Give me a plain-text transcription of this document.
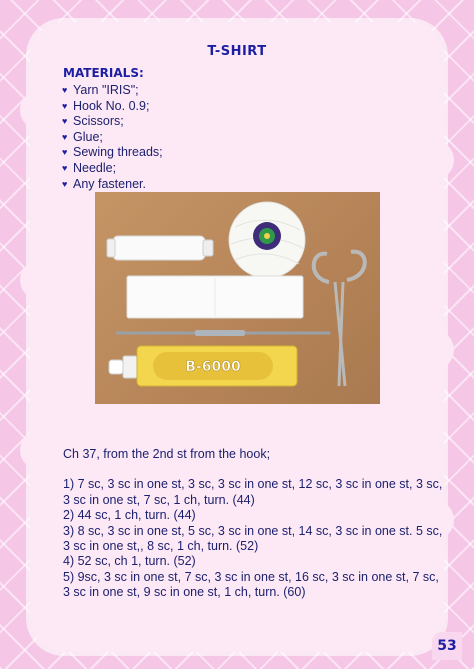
T-SHIRT
MATERIALS:
♥ Yarn "IRIS";
♥ Hook No. 0.9;
♥ Scissors;
♥ Glue;
♥ Sewing threads;
♥ Needle;
♥ Any fastener.
B-6000

Ch 37, from the 2nd st from the hook;

1) 7 sc, 3 sc in one st, 3 sc, 3 sc in one st, 12 sc, 3 sc in one st, 3 sc,
3 sc in one st, 7 sc, 1 ch, turn. (44)
2) 44 sc, 1 ch, turn. (44)
3) 8 sc, 3 sc in one st, 5 sc, 3 sc in one st, 14 sc, 3 sc in one st. 5 sc,
3 sc in one st,, 8 sc, 1 ch, turn. (52)
4) 52 sc, ch 1, turn. (52)
5) 9sc, 3 sc in one st, 7 sc, 3 sc in one st, 16 sc, 3 sc in one st, 7 sc,
3 sc in one st, 9 sc in one st, 1 ch, turn. (60)
53
